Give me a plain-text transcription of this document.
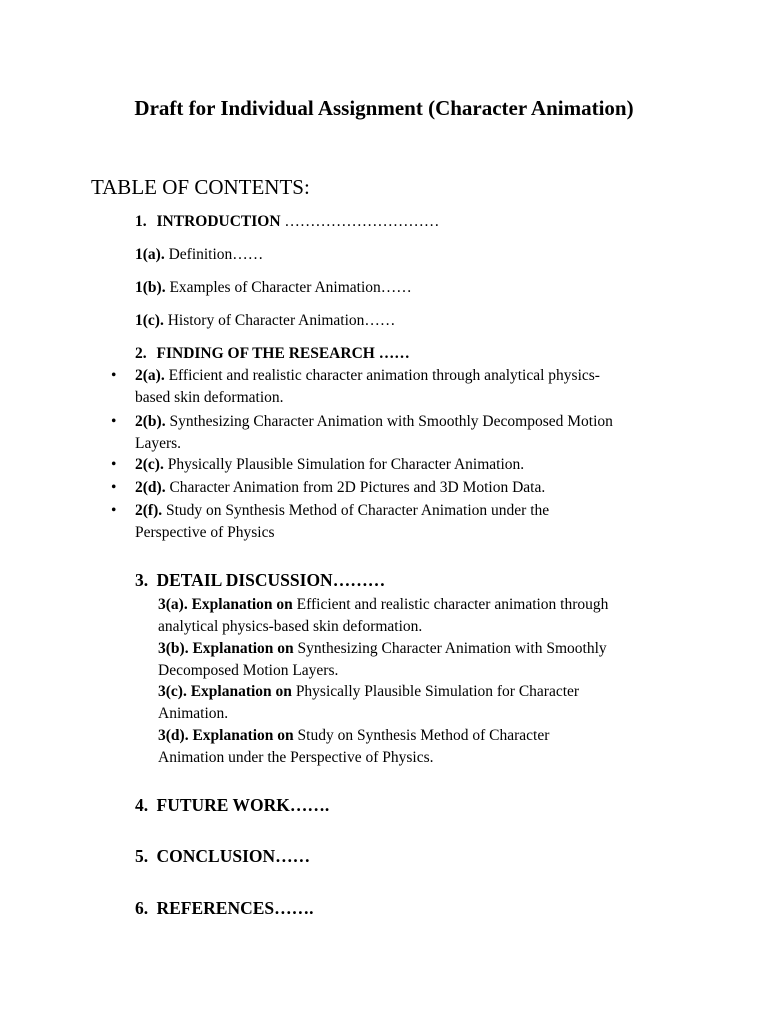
Draft for Individual Assignment (Character Animation)
TABLE OF CONTENTS:
1. INTRODUCTION …………………………
1(a). Definition……
1(b). Examples of Character Animation……
1(c). History of Character Animation……
2. FINDING OF THE RESEARCH ……
• 2(a). Efficient and realistic character animation through analytical physics-
based skin deformation.
• 2(b). Synthesizing Character Animation with Smoothly Decomposed Motion
Layers.
• 2(c). Physically Plausible Simulation for Character Animation.
• 2(d). Character Animation from 2D Pictures and 3D Motion Data.
• 2(f). Study on Synthesis Method of Character Animation under the
Perspective of Physics
3. DETAIL DISCUSSION………
3(a). Explanation on Efficient and realistic character animation through
analytical physics-based skin deformation.
3(b). Explanation on Synthesizing Character Animation with Smoothly
Decomposed Motion Layers.
3(c). Explanation on Physically Plausible Simulation for Character
Animation.
3(d). Explanation on Study on Synthesis Method of Character
Animation under the Perspective of Physics.
4. FUTURE WORK…….
5. CONCLUSION……
6. REFERENCES…….
